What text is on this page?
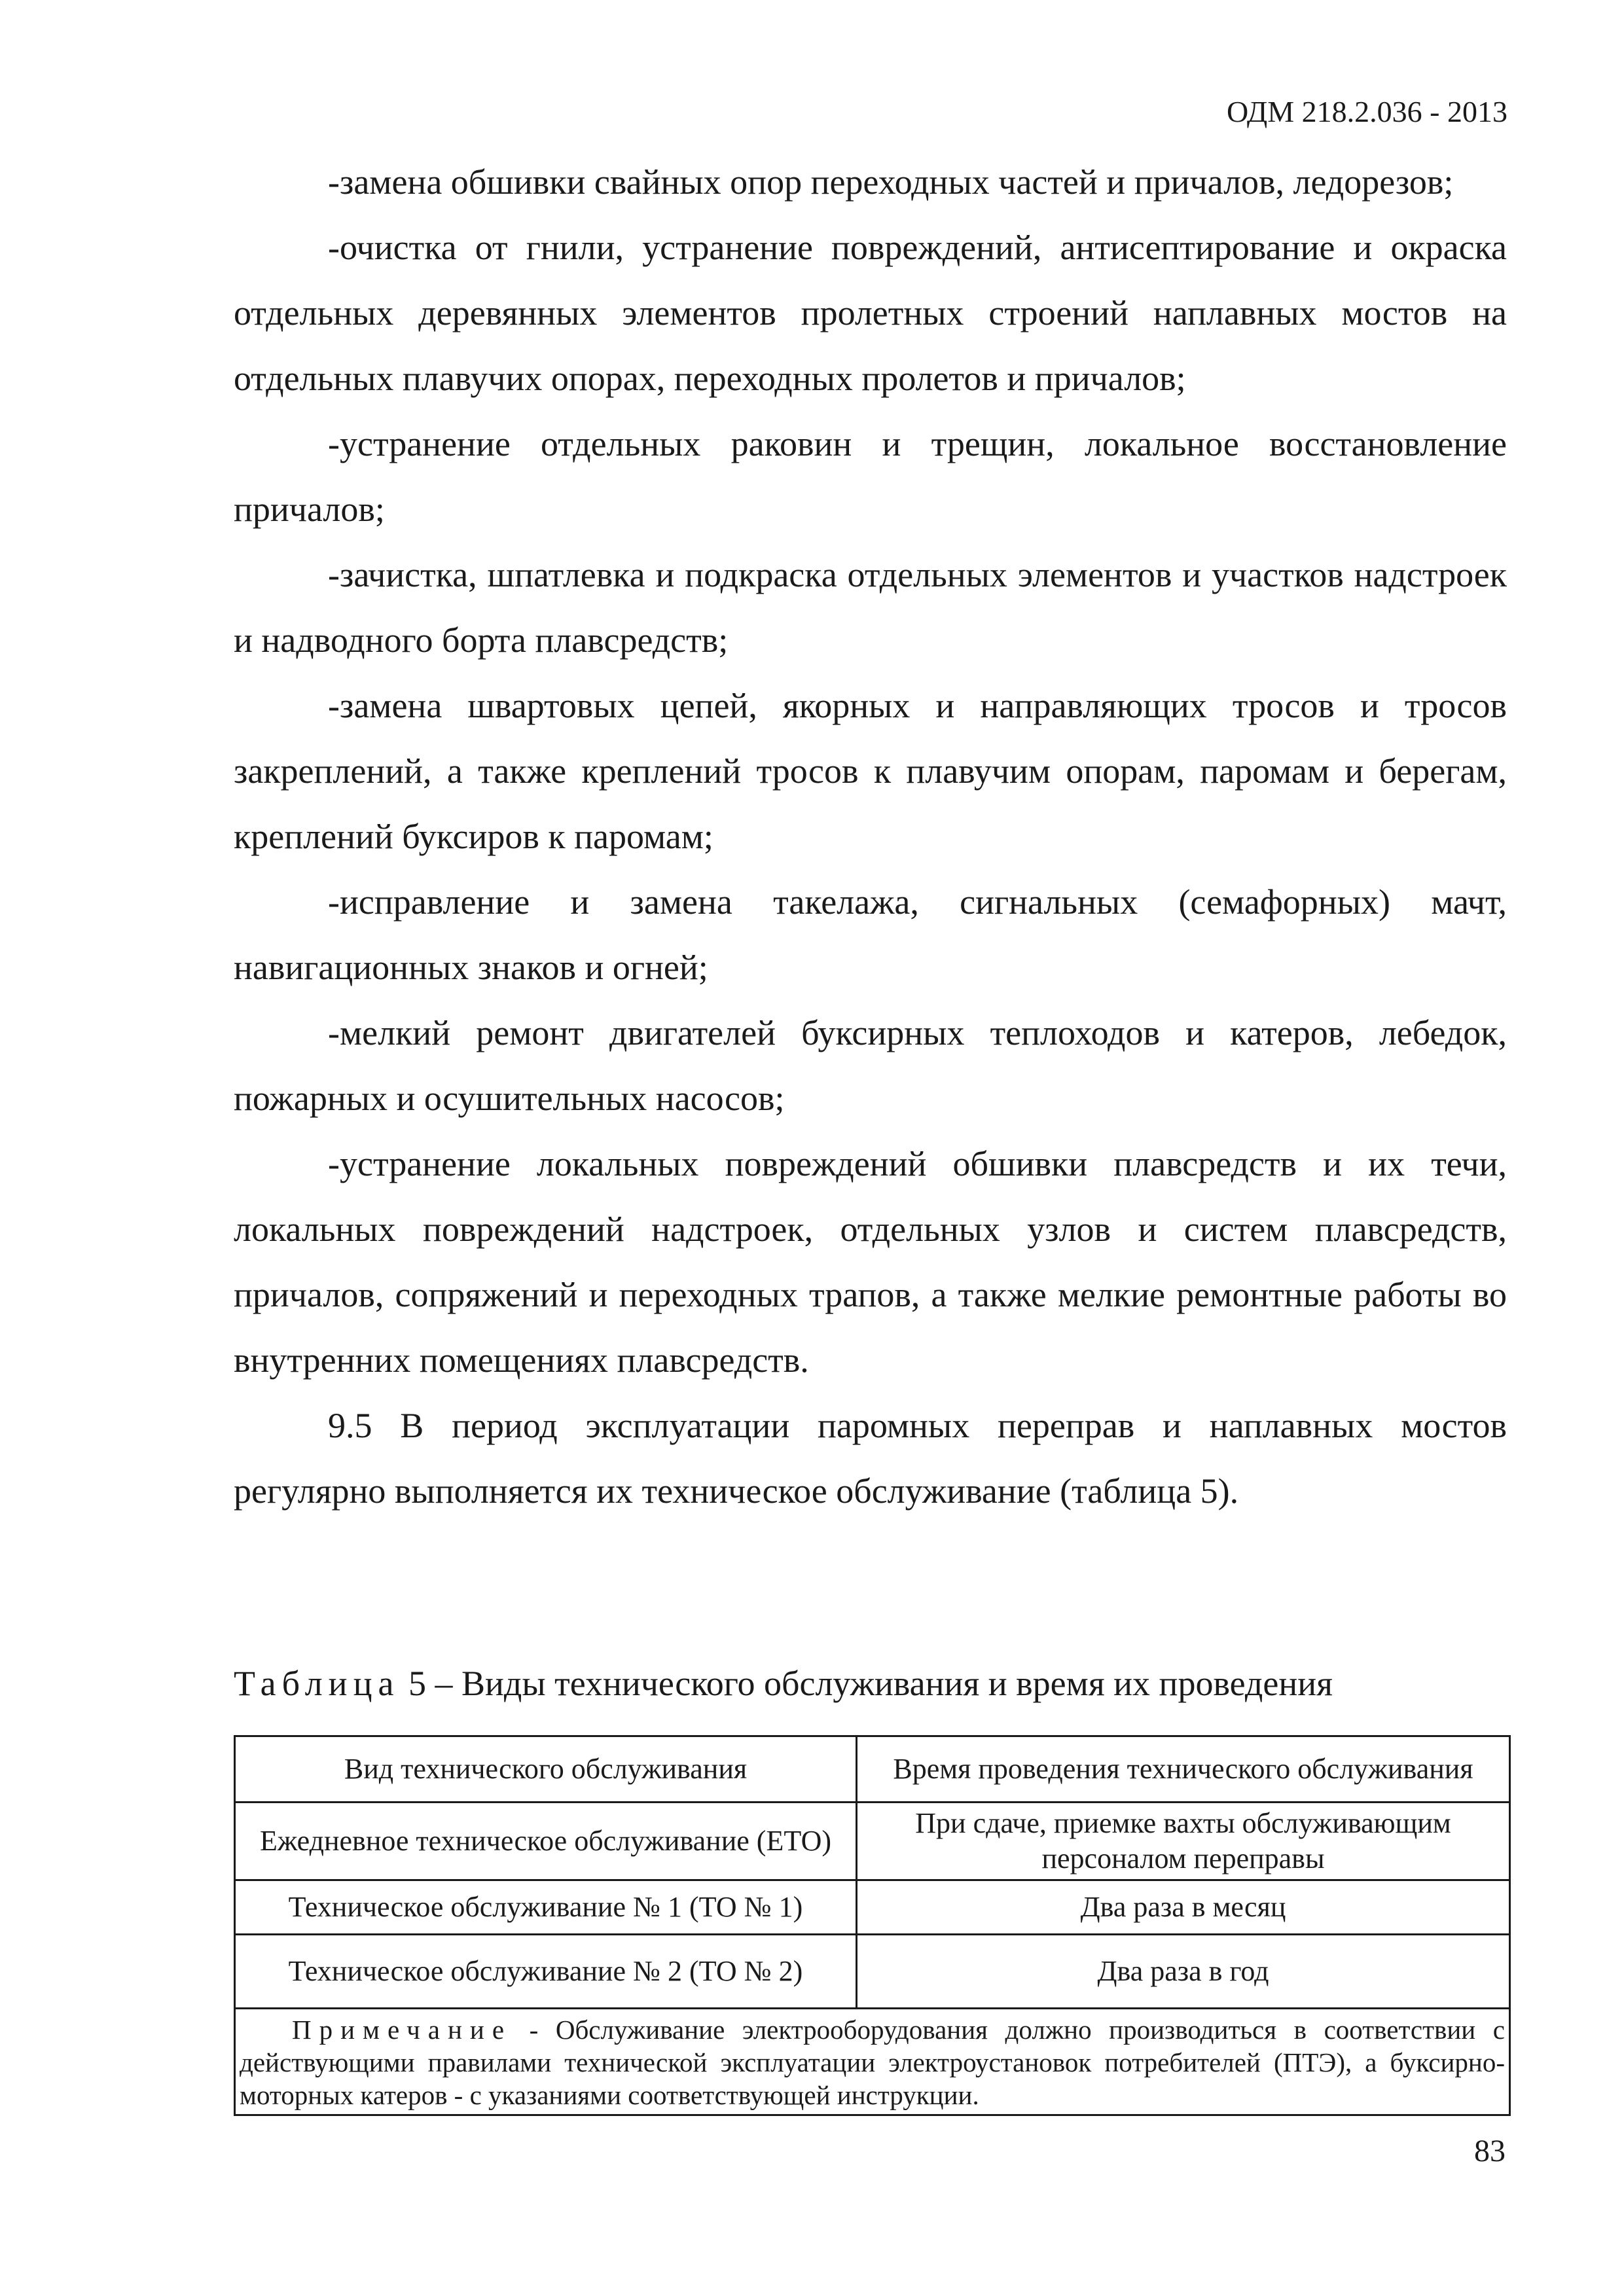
ОДМ 218.2.036 - 2013

-замена обшивки свайных опор переходных частей и причалов, ледорезов;

-очистка от гнили, устранение повреждений, антисептирование и окраска отдельных деревянных элементов пролетных строений наплавных мостов на отдельных плавучих опорах, переходных пролетов и причалов;

-устранение отдельных раковин и трещин, локальное восстановление причалов;

-зачистка, шпатлевка и подкраска отдельных элементов и участков надстроек и надводного борта плавсредств;

-замена швартовых цепей, якорных и направляющих тросов и тросов закреплений, а также креплений тросов к плавучим опорам, паромам и берегам, креплений буксиров к паромам;

-исправление и замена такелажа, сигнальных (семафорных) мачт, навигационных знаков и огней;

-мелкий ремонт двигателей буксирных теплоходов и катеров, лебедок, пожарных и осушительных насосов;

-устранение локальных повреждений обшивки плавсредств и их течи, локальных повреждений надстроек, отдельных узлов и систем плавсредств, причалов, сопряжений и переходных трапов, а также мелкие ремонтные работы во внутренних помещениях плавсредств.

9.5 В период эксплуатации паромных переправ и наплавных мостов регулярно выполняется их техническое обслуживание (таблица 5).

Таблица 5 – Виды технического обслуживания и время их проведения
Вид технического обслуживания	Время проведения технического обслуживания
Ежедневное техническое обслуживание (ЕТО)	При сдаче, приемке вахты обслуживающим персоналом переправы
Техническое обслуживание № 1 (ТО № 1)	Два раза в месяц
Техническое обслуживание № 2 (ТО № 2)	Два раза в год
Примечание - Обслуживание электрооборудования должно производиться в соответствии с действующими правилами технической эксплуатации электроустановок потребителей (ПТЭ), а буксирно-моторных катеров - с указаниями соответствующей инструкции.	
83
